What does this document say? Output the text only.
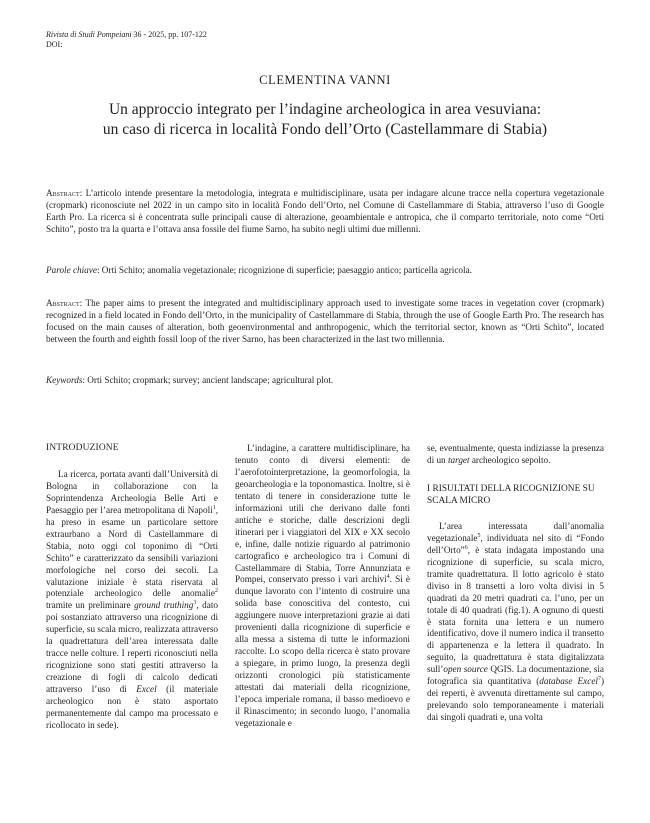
Rivista di Studi Pompeiani 36 - 2025, pp. 107-122
DOI:
CLEMENTINA VANNI
Un approccio integrato per l’indagine archeologica in area vesuviana:
un caso di ricerca in località Fondo dell’Orto (Castellammare di Stabia)
Abstract: L’articolo intende presentare la metodologia, integrata e multidisciplinare, usata per indagare alcune tracce nella copertura vegetazionale (cropmark) riconosciute nel 2022 in un campo sito in località Fondo dell’Orto, nel Comune di Castellammare di Stabia, attraverso l’uso di Google Earth Pro. La ricerca si è concentrata sulle principali cause di alterazione, geoambientale e antropica, che il comparto territoriale, noto come “Orti Schito”, posto tra la quarta e l’ottava ansa fossile del fiume Sarno, ha subito negli ultimi due millenni.
Parole chiave: Orti Schito; anomalia vegetazionale; ricognizione di superficie; paesaggio antico; particella agricola.
Abstract: The paper aims to present the integrated and multidisciplinary approach used to investigate some traces in vegetation cover (cropmark) recognized in a field located in Fondo dell’Orto, in the municipality of Castellammare di Stabia, through the use of Google Earth Pro. The research has focused on the main causes of alteration, both geoenvironmental and anthropogenic, which the territorial sector, known as “Orti Schito”, located between the fourth and eighth fossil loop of the river Sarno, has been characterized in the last two millennia.
Keywords: Orti Schito; cropmark; survey; ancient landscape; agricultural plot.
INTRODUZIONE

La ricerca, portata avanti dall’Università di Bologna in collaborazione con la Soprintendenza Archeologia Belle Arti e Paesaggio per l’area metropolitana di Napoli$^1$, ha preso in esame un particolare settore extraurbano a Nord di Castellammare di Stabia, noto oggi col toponimo di “Orti Schito” e caratterizzato da sensibili variazioni morfologiche nel corso dei secoli. La valutazione iniziale è stata riservata al potenziale archeologico delle anomalie$^2$ tramite un preliminare ground truthing$^3$, dato poi sostanziato attraverso una ricognizione di superficie, su scala micro, realizzata attraverso la quadrettatura dell’area interessata dalle tracce nelle colture. I reperti riconosciuti nella ricognizione sono stati gestiti attraverso la creazione di fogli di calcolo dedicati attraverso l’uso di Excel (il materiale archeologico non è stato asportato permanentemente dal campo ma processato e ricollocato in sede).

L’indagine, a carattere multidisciplinare, ha tenuto conto di diversi elementi: de l’aerofotointerpretazione, la geomorfologia, la geoarcheologia e la toponomastica. Inoltre, si è tentato di tenere in considerazione tutte le informazioni utili che derivano dalle fonti antiche e storiche, dalle descrizioni degli itinerari per i viaggiatori del XIX e XX secolo e, infine, dalle notizie riguardo al patrimonio cartografico e archeologico tra i Comuni di Castellammare di Stabia, Torre Annunziata e Pompei, conservato presso i vari archivi$^4$. Si è dunque lavorato con l’intento di costruire una solida base conoscitiva del contesto, cui aggiungere nuove interpretazioni grazie ai dati provenienti dalla ricognizione di superficie e alla messa a sistema di tutte le informazioni raccolte. Lo scopo della ricerca è stato provare a spiegare, in primo luogo, la presenza degli orizzonti cronologici più statisticamente attestati dai materiali della ricognizione, l’epoca imperiale romana, il basso medioevo e il Rinascimento; in secondo luogo, l’anomalia vegetazionale e

se, eventualmente, questa indiziasse la presenza di un target archeologico sepolto.

I RISULTATI DELLA RICOGNIZIONE SU SCALA MICRO

L’area interessata dall’anomalia vegetazionale$^5$, individuata nel sito di “Fondo dell’Orto”$^6$, è stata indagata impostando una ricognizione di superficie, su scala micro, tramite quadrettatura. Il lotto agricolo è stato diviso in 8 transetti a loro volta divisi in 5 quadrati da 20 metri quadrati ca. l’uno, per un totale di 40 quadrati (fig.1). A ognuno di questi è stata fornita una lettera e un numero identificativo, dove il numero indica il transetto di appartenenza e la lettera il quadrato. In seguito, la quadrettatura è stata digitalizzata sull’open source QGIS. La documentazione, sia fotografica sia quantitativa (database Excel$^7$) dei reperti, è avvenuta direttamente sul campo, prelevando solo temporaneamente i materiali dai singoli quadrati e, una volta
